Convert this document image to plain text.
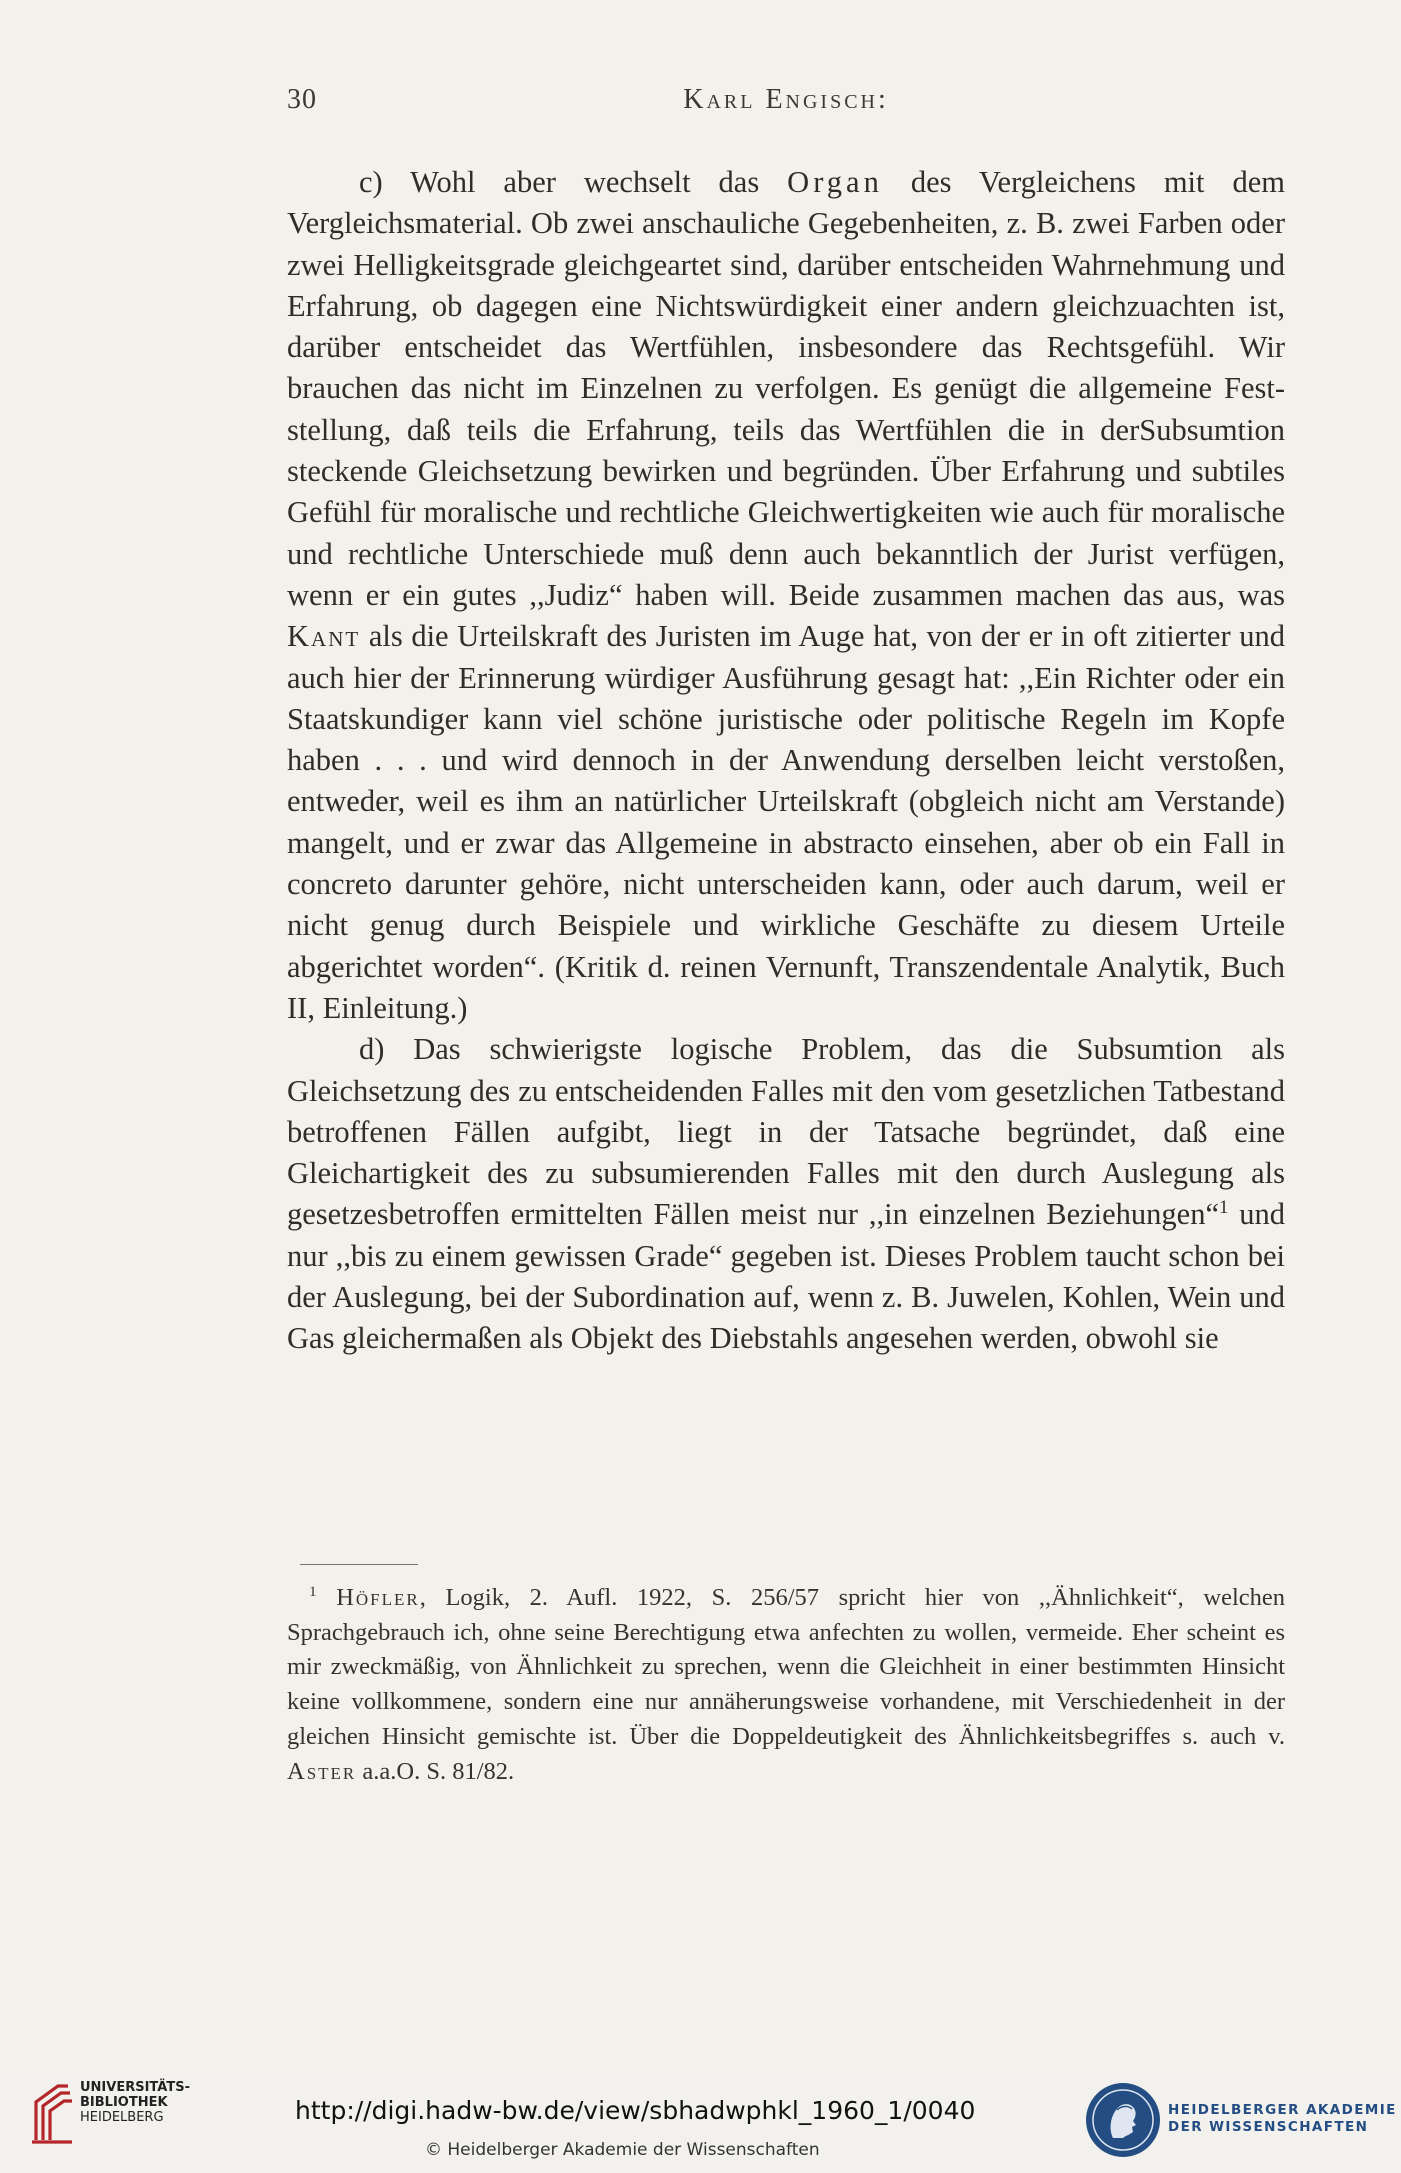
30	Karl Engisch:

c) Wohl aber wechselt das Organ des Vergleichens mit dem Vergleichsmaterial. Ob zwei anschauliche Gegebenheiten, z. B. zwei Farben oder zwei Helligkeitsgrade gleichgeartet sind, darüber entscheiden Wahrnehmung und Erfahrung, ob dagegen eine Nichtswürdigkeit einer andern gleichzuachten ist, darüber entscheidet das Wertfühlen, insbesondere das Rechtsgefühl. Wir brauchen das nicht im Einzelnen zu verfolgen. Es genügt die allgemeine Feststellung, daß teils die Erfahrung, teils das Wertfühlen die in derSubsumtion steckende Gleichsetzung bewirken und begründen. Über Erfahrung und subtiles Gefühl für moralische und rechtliche Gleichwertigkeiten wie auch für moralische und rechtliche Unterschiede muß denn auch bekanntlich der Jurist verfügen, wenn er ein gutes ,,Judiz“ haben will. Beide zusammen machen das aus, was Kant als die Urteilskraft des Juristen im Auge hat, von der er in oft zitierter und auch hier der Erinnerung würdiger Ausführung gesagt hat: ,,Ein Richter oder ein Staatskundiger kann viel schöne juristische oder politische Regeln im Kopfe haben . . . und wird dennoch in der Anwendung derselben leicht verstoßen, entweder, weil es ihm an natürlicher Urteilskraft (obgleich nicht am Verstande) mangelt, und er zwar das Allgemeine in abstracto einsehen, aber ob ein Fall in concreto darunter gehöre, nicht unterscheiden kann, oder auch darum, weil er nicht genug durch Beispiele und wirkliche Geschäfte zu diesem Urteile abgerichtet worden“. (Kritik d. reinen Vernunft, Transzendentale Analytik, Buch II, Einleitung.)

d) Das schwierigste logische Problem, das die Subsumtion als Gleichsetzung des zu entscheidenden Falles mit den vom gesetzlichen Tatbestand betroffenen Fällen aufgibt, liegt in der Tatsache begründet, daß eine Gleichartigkeit des zu subsumierenden Falles mit den durch Auslegung als gesetzesbetroffen ermittelten Fällen meist nur ,,in einzelnen Beziehungen“$^1$ und nur ,,bis zu einem gewissen Grade“ gegeben ist. Dieses Problem taucht schon bei der Auslegung, bei der Subordination auf, wenn z. B. Juwelen, Kohlen, Wein und Gas gleichermaßen als Objekt des Diebstahls angesehen werden, obwohl sie

$^1$ Höfler, Logik, 2. Aufl. 1922, S. 256/57 spricht hier von ,,Ähnlichkeit“, welchen Sprachgebrauch ich, ohne seine Berechtigung etwa anfechten zu wollen, vermeide. Eher scheint es mir zweckmäßig, von Ähnlichkeit zu sprechen, wenn die Gleichheit in einer bestimmten Hinsicht keine vollkommene, sondern eine nur annäherungsweise vorhandene, mit Verschiedenheit in der gleichen Hinsicht gemischte ist. Über die Doppeldeutigkeit des Ähnlichkeitsbegriffes s. auch v. Aster a.a.O. S. 81/82.

UNIVERSITÄTS-
BIBLIOTHEK
HEIDELBERG	http://digi.hadw-bw.de/view/sbhadwphkl_1960_1/0040
© Heidelberger Akademie der Wissenschaften
HEIDELBERGER AKADEMIE
DER WISSENSCHAFTEN
